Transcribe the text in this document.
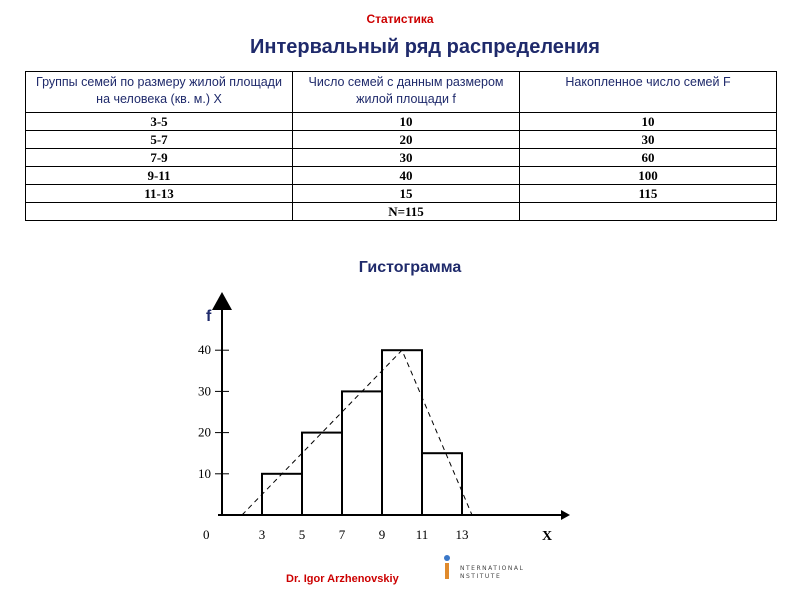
Статистика
Интервальный ряд распределения
Группы семей по размеру жилой площади на человека (кв. м.) X	Число семей с данным размером жилой площади f	Накопленное число семей F
3-5	10	10
5-7	20	30
7-9	30	60
9-11	40	100
11-13	15	115
	N=115	
Гистограмма
10
20
30
40
3	5	7	9 11 13
f
X
0
Dr. Igor Arzhenovskiy
NTERNATIONAL
NSTITUTE
